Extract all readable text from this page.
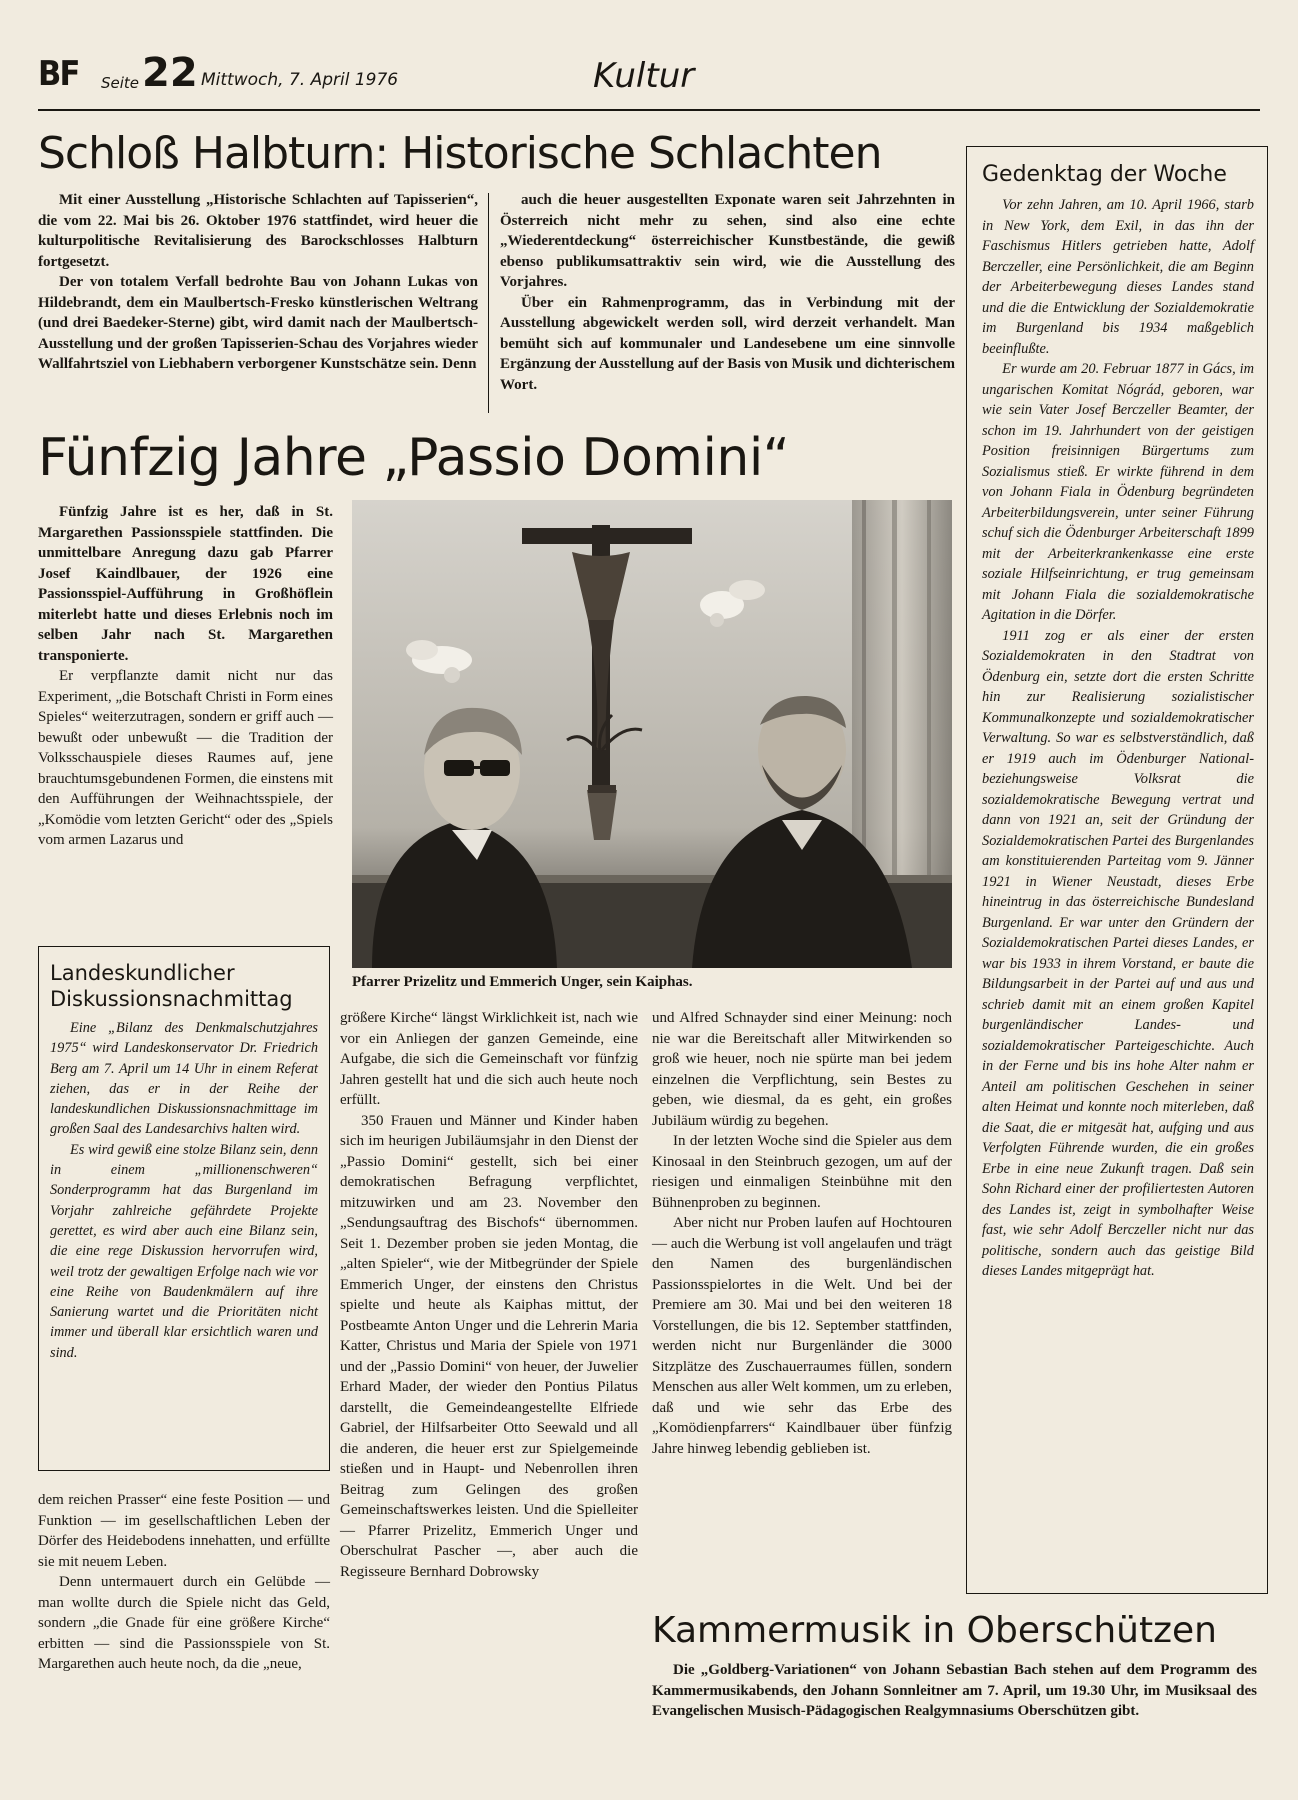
BF Seite 22 Mittwoch, 7. April 1976	Kultur
Schloß Halbturn: Historische Schlachten

Mit einer Ausstellung „Historische Schlachten auf Tapisserien“, die vom 22. Mai bis 26. Oktober 1976 stattfindet, wird heuer die kulturpolitische Revitalisierung des Barockschlosses Halbturn fortgesetzt.

Der von totalem Verfall bedrohte Bau von Johann Lukas von Hildebrandt, dem ein Maulbertsch-Fresko künstlerischen Weltrang (und drei Baedeker-Sterne) gibt, wird damit nach der Maulbertsch-Ausstellung und der großen Tapisserien-Schau des Vorjahres wieder Wallfahrtsziel von Liebhabern verborgener Kunstschätze sein. Denn

auch die heuer ausgestellten Exponate waren seit Jahrzehnten in Österreich nicht mehr zu sehen, sind also eine echte „Wiederentdeckung“ österreichischer Kunstbestände, die gewiß ebenso publikumsattraktiv sein wird, wie die Ausstellung des Vorjahres.

Über ein Rahmenprogramm, das in Verbindung mit der Ausstellung abgewickelt werden soll, wird derzeit verhandelt. Man bemüht sich auf kommunaler und Landesebene um eine sinnvolle Ergänzung der Ausstellung auf der Basis von Musik und dichterischem Wort.

Gedenktag der Woche

Vor zehn Jahren, am 10. April 1966, starb in New York, dem Exil, in das ihn der Faschismus Hitlers getrieben hatte, Adolf Berczeller, eine Persönlichkeit, die am Beginn der Arbeiterbewegung dieses Landes stand und die die Entwicklung der Sozialdemokratie im Burgenland bis 1934 maßgeblich beeinflußte.

Er wurde am 20. Februar 1877 in Gács, im ungarischen Komitat Nógrád, geboren, war wie sein Vater Josef Berczeller Beamter, der schon im 19. Jahrhundert von der geistigen Position freisinnigen Bürgertums zum Sozialismus stieß. Er wirkte führend in dem von Johann Fiala in Ödenburg begründeten Arbeiterbildungsverein, unter seiner Führung schuf sich die Ödenburger Arbeiterschaft 1899 mit der Arbeiterkrankenkasse eine erste soziale Hilfseinrichtung, er trug gemeinsam mit Johann Fiala die sozialdemokratische Agitation in die Dörfer.

1911 zog er als einer der ersten Sozialdemokraten in den Stadtrat von Ödenburg ein, setzte dort die ersten Schritte hin zur Realisierung sozialistischer Kommunalkonzepte und sozialdemokratischer Verwaltung. So war es selbstverständlich, daß er 1919 auch im Ödenburger National- beziehungsweise Volksrat die sozialdemokratische Bewegung vertrat und dann von 1921 an, seit der Gründung der Sozialdemokratischen Partei des Burgenlandes am konstituierenden Parteitag vom 9. Jänner 1921 in Wiener Neustadt, dieses Erbe hineintrug in das österreichische Bundesland Burgenland. Er war unter den Gründern der Sozialdemokratischen Partei dieses Landes, er war bis 1933 in ihrem Vorstand, er baute die Bildungsarbeit in der Partei auf und aus und schrieb damit mit an einem großen Kapitel burgenländischer Landes- und sozialdemokratischer Parteigeschichte. Auch in der Ferne und bis ins hohe Alter nahm er Anteil am politischen Geschehen in seiner alten Heimat und konnte noch miterleben, daß die Saat, die er mitgesät hat, aufging und aus Verfolgten Führende wurden, die ein großes Erbe in eine neue Zukunft tragen. Daß sein Sohn Richard einer der profiliertesten Autoren des Landes ist, zeigt in symbolhafter Weise fast, wie sehr Adolf Berczeller nicht nur das politische, sondern auch das geistige Bild dieses Landes mitgeprägt hat.

Fünfzig Jahre „Passio Domini“

Fünfzig Jahre ist es her, daß in St. Margarethen Passionsspiele stattfinden. Die unmittelbare Anregung dazu gab Pfarrer Josef Kaindlbauer, der 1926 eine Passionsspiel-Aufführung in Großhöflein miterlebt hatte und dieses Erlebnis noch im selben Jahr nach St. Margarethen transponierte.

Er verpflanzte damit nicht nur das Experiment, „die Botschaft Christi in Form eines Spieles“ weiterzutragen, sondern er griff auch — bewußt oder unbewußt — die Tradition der Volksschauspiele dieses Raumes auf, jene brauchtumsgebundenen Formen, die einstens mit den Aufführungen der Weihnachtsspiele, der „Komödie vom letzten Gericht“ oder des „Spiels vom armen Lazarus und

Pfarrer Prizelitz und Emmerich Unger, sein Kaiphas.
Landeskundlicher Diskussionsnachmittag

Eine „Bilanz des Denkmalschutzjahres 1975“ wird Landeskonservator Dr. Friedrich Berg am 7. April um 14 Uhr in einem Referat ziehen, das er in der Reihe der landeskundlichen Diskussionsnachmittage im großen Saal des Landesarchivs halten wird.

Es wird gewiß eine stolze Bilanz sein, denn in einem „millionenschweren“ Sonderprogramm hat das Burgenland im Vorjahr zahlreiche gefährdete Projekte gerettet, es wird aber auch eine Bilanz sein, die eine rege Diskussion hervorrufen wird, weil trotz der gewaltigen Erfolge nach wie vor eine Reihe von Baudenkmälern auf ihre Sanierung wartet und die Prioritäten nicht immer und überall klar ersichtlich waren und sind.

dem reichen Prasser“ eine feste Position — und Funktion — im gesellschaftlichen Leben der Dörfer des Heidebodens innehatten, und erfüllte sie mit neuem Leben.

Denn untermauert durch ein Gelübde — man wollte durch die Spiele nicht das Geld, sondern „die Gnade für eine größere Kirche“ erbitten — sind die Passionsspiele von St. Margarethen auch heute noch, da die „neue,

größere Kirche“ längst Wirklichkeit ist, nach wie vor ein Anliegen der ganzen Gemeinde, eine Aufgabe, die sich die Gemeinschaft vor fünfzig Jahren gestellt hat und die sich auch heute noch erfüllt.

350 Frauen und Männer und Kinder haben sich im heurigen Jubiläumsjahr in den Dienst der „Passio Domini“ gestellt, sich bei einer demokratischen Befragung verpflichtet, mitzuwirken und am 23. November den „Sendungsauftrag des Bischofs“ übernommen. Seit 1. Dezember proben sie jeden Montag, die „alten Spieler“, wie der Mitbegründer der Spiele Emmerich Unger, der einstens den Christus spielte und heute als Kaiphas mittut, der Postbeamte Anton Unger und die Lehrerin Maria Katter, Christus und Maria der Spiele von 1971 und der „Passio Domini“ von heuer, der Juwelier Erhard Mader, der wieder den Pontius Pilatus darstellt, die Gemeindeangestellte Elfriede Gabriel, der Hilfsarbeiter Otto Seewald und all die anderen, die heuer erst zur Spielgemeinde stießen und in Haupt- und Nebenrollen ihren Beitrag zum Gelingen des großen Gemeinschaftswerkes leisten. Und die Spielleiter — Pfarrer Prizelitz, Emmerich Unger und Oberschulrat Pascher —, aber auch die Regisseure Bernhard Dobrowsky

und Alfred Schnayder sind einer Meinung: noch nie war die Bereitschaft aller Mitwirkenden so groß wie heuer, noch nie spürte man bei jedem einzelnen die Verpflichtung, sein Bestes zu geben, wie diesmal, da es geht, ein großes Jubiläum würdig zu begehen.

In der letzten Woche sind die Spieler aus dem Kinosaal in den Steinbruch gezogen, um auf der riesigen und einmaligen Steinbühne mit den Bühnenproben zu beginnen.

Aber nicht nur Proben laufen auf Hochtouren — auch die Werbung ist voll angelaufen und trägt den Namen des burgenländischen Passionsspielortes in die Welt. Und bei der Premiere am 30. Mai und bei den weiteren 18 Vorstellungen, die bis 12. September stattfinden, werden nicht nur Burgenländer die 3000 Sitzplätze des Zuschauerraumes füllen, sondern Menschen aus aller Welt kommen, um zu erleben, daß und wie sehr das Erbe des „Komödienpfarrers“ Kaindlbauer über fünfzig Jahre hinweg lebendig geblieben ist.

Kammermusik in Oberschützen

Die „Goldberg-Variationen“ von Johann Sebastian Bach stehen auf dem Programm des Kammermusikabends, den Johann Sonnleitner am 7. April, um 19.30 Uhr, im Musiksaal des Evangelischen Musisch-Pädagogischen Realgymnasiums Oberschützen gibt.
